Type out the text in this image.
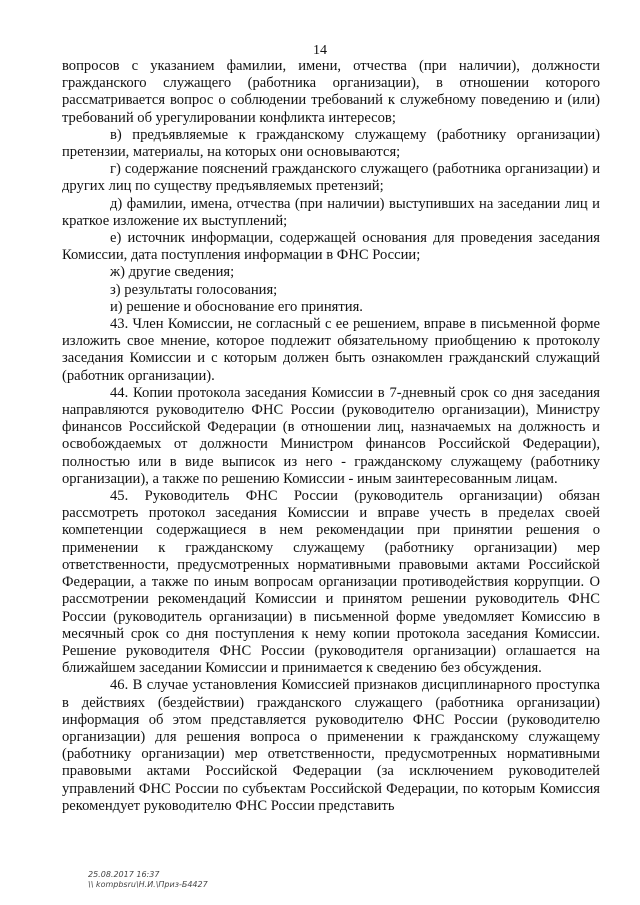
14

вопросов с указанием фамилии, имени, отчества (при наличии), должности гражданского служащего (работника организации), в отношении которого рассматривается вопрос о соблюдении требований к служебному поведению и (или) требований об урегулировании конфликта интересов;

в) предъявляемые к гражданскому служащему (работнику организации) претензии, материалы, на которых они основываются;

г) содержание пояснений гражданского служащего (работника организации) и других лиц по существу предъявляемых претензий;

д) фамилии, имена, отчества (при наличии) выступивших на заседании лиц и краткое изложение их выступлений;

е) источник информации, содержащей основания для проведения заседания Комиссии, дата поступления информации в ФНС России;

ж) другие сведения;

з) результаты голосования;

и) решение и обоснование его принятия.

43. Член Комиссии, не согласный с ее решением, вправе в письменной форме изложить свое мнение, которое подлежит обязательному приобщению к протоколу заседания Комиссии и с которым должен быть ознакомлен гражданский служащий (работник организации).

44. Копии протокола заседания Комиссии в 7-дневный срок со дня заседания направляются руководителю ФНС России (руководителю организации), Министру финансов Российской Федерации (в отношении лиц, назначаемых на должность и освобождаемых от должности Министром финансов Российской Федерации), полностью или в виде выписок из него - гражданскому служащему (работнику организации), а также по решению Комиссии - иным заинтересованным лицам.

45. Руководитель ФНС России (руководитель организации) обязан рассмотреть протокол заседания Комиссии и вправе учесть в пределах своей компетенции содержащиеся в нем рекомендации при принятии решения о применении к гражданскому служащему (работнику организации) мер ответственности, предусмотренных нормативными правовыми актами Российской Федерации, а также по иным вопросам организации противодействия коррупции. О рассмотрении рекомендаций Комиссии и принятом решении руководитель ФНС России (руководитель организации) в письменной форме уведомляет Комиссию в месячный срок со дня поступления к нему копии протокола заседания Комиссии. Решение руководителя ФНС России (руководителя организации) оглашается на ближайшем заседании Комиссии и принимается к сведению без обсуждения.

46. В случае установления Комиссией признаков дисциплинарного проступка в действиях (бездействии) гражданского служащего (работника организации) информация об этом представляется руководителю ФНС России (руководителю организации) для решения вопроса о применении к гражданскому служащему (работнику организации) мер ответственности, предусмотренных нормативными правовыми актами Российской Федерации (за исключением руководителей управлений ФНС России по субъектам Российской Федерации, по которым Комиссия рекомендует руководителю ФНС России представить

25.08.2017 16:37
\\ kompbsru\Н.И.\Приз-Б4427
